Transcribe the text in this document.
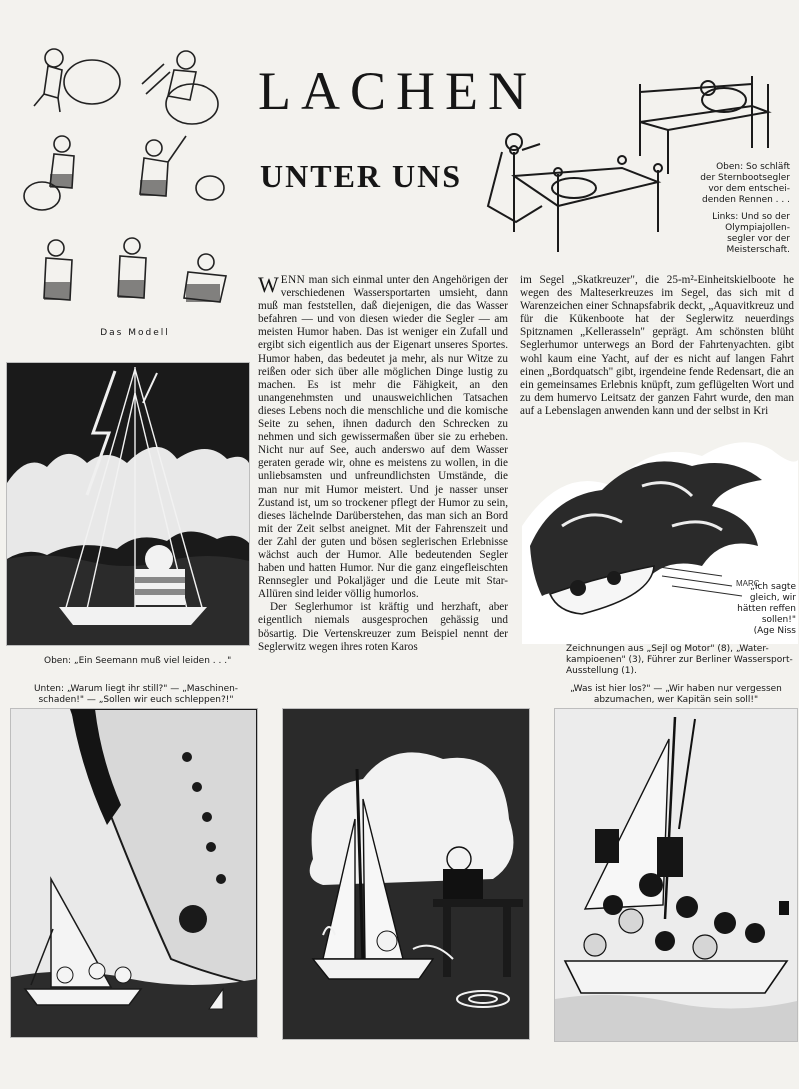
Das Modell
LACHEN
UNTER UNS	Oben: So schläft
der Sternbootsegler
vor dem entschei-
denden Rennen . . .
Links: Und so der
Olympiajollen-
segler vor der
Meisterschaft.
Oben: „Ein Seemann muß viel leiden . . ."

WENN man sich einmal unter den Angehörigen der verschiedenen Wassersportarten umsieht, dann muß man feststellen, daß diejenigen, die das Wasser befahren — und von diesen wieder die Segler — am meisten Humor haben. Das ist weniger ein Zufall und ergibt sich eigentlich aus der Eigenart unseres Sportes. Humor haben, das bedeutet ja mehr, als nur Witze zu reißen oder sich über alle möglichen Dinge lustig zu machen. Es ist mehr die Fähigkeit, an den unangenehmsten und unausweichlichen Tatsachen dieses Lebens noch die menschliche und die komische Seite zu sehen, ihnen dadurch den Schrecken zu nehmen und sich gewissermaßen über sie zu erheben. Nicht nur auf See, auch anderswo auf dem Wasser geraten gerade wir, ohne es meistens zu wollen, in die unliebsamsten und unfreundlichsten Umstände, die man nur mit Humor meistert. Und je nasser unser Zustand ist, um so trockener pflegt der Humor zu sein, dieses lächelnde Darüberstehen, das man sich an Bord mit der Zeit selbst aneignet. Mit der Fahrenszeit und der Zahl der guten und bösen seglerischen Erlebnisse wächst auch der Humor. Alle bedeutenden Segler haben und hatten Humor. Nur die ganz eingefleischten Rennsegler und Pokaljäger und die Leute mit Star-Allüren sind leider völlig humorlos.

Der Seglerhumor ist kräftig und herzhaft, aber eigentlich niemals ausgesprochen gehässig und bösartig. Die Vertenskreuzer zum Beispiel nennt der Seglerwitz wegen ihres roten Karos

im Segel „Skatkreuzer", die 25-m²-Einheitskielboote he wegen des Malteserkreuzes im Segel, das sich mit d Warenzeichen einer Schnapsfabrik deckt, „Aquavitkreuz und für die Kükenboote hat der Seglerwitz neuerdings Spitznamen „Kellerasseln" geprägt. Am schönsten blüht Seglerhumor unterwegs an Bord der Fahrtenyachten. gibt wohl kaum eine Yacht, auf der es nicht auf langen Fahrt einen „Bordquatsch" gibt, irgendeine fende Redensart, die an ein gemeinsames Erlebnis knüpft, zum geflügelten Wort und zu dem humervo Leitsatz der ganzen Fahrt wurde, den man auf a Lebenslagen anwenden kann und der selbst in Kri

MARC
„Ich sagte
gleich, wir
hätten reffen
sollen!"
(Age Niss
Zeichnungen aus „Sejl og Motor" (8), „Water-
kampioenen" (3), Führer zur Berliner Wassersport-
Ausstellung (1).
Unten: „Warum liegt ihr still?" — „Maschinen-
schaden!" — „Sollen wir euch schleppen?!"
„Was ist hier los?" — „Wir haben nur vergessen
abzumachen, wer Kapitän sein soll!"
